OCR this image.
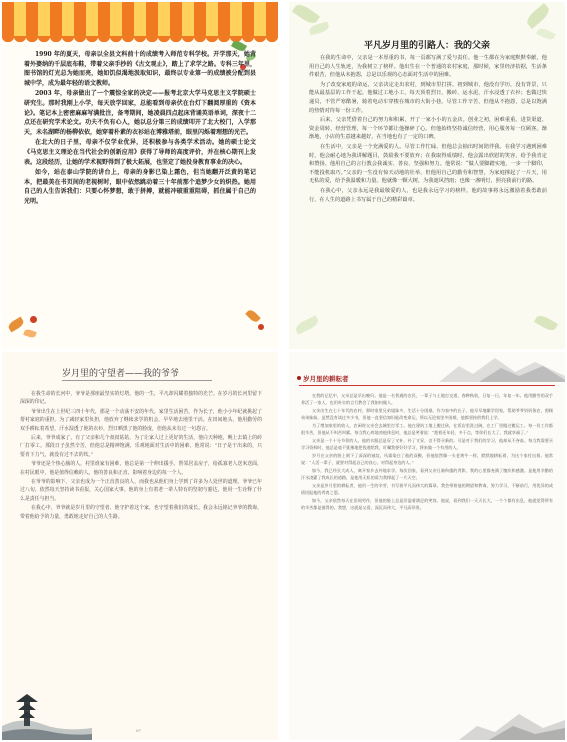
1990 年的夏天，母亲以全县文科前十的成绩考入师范专科学校。开学那天，她背着外婆纳的千层底布鞋，带着父亲手抄的《古文观止》，踏上了求学之路。专科三年里，图书馆的灯光总为她而亮，她如饥似渴地汲取知识，最终以专业第一的成绩被分配到县城中学，成为最年轻的语文教师。

2003 年，母亲做出了一个震惊全家的决定——报考北京大学马克思主义学院硕士研究生。那时我刚上小学，每天放学回家，总能看到母亲伏在台灯下翻阅厚重的《资本论》。笔记本上密密麻麻写满批注，备考期间，她凌晨四点起床背诵英语单词，深夜十二点还在研究学术论文。功夫不负有心人，她以总分第三的成绩叩开了北大校门，入学那天，未名湖畔的杨柳依依，她穿着朴素的衣衫站在博雅塔前，眼里闪烁着理想的光芒。

在北大的日子里，母亲不仅学业优异，还积极参与各类学术活动。她的硕士论文《马克思主义理论在当代社会的创新应用》获得了导师的高度评价，并在核心期刊上发表。这段经历，让她的学术视野得到了极大拓展，也坚定了她投身教育事业的决心。

如今，站在泰山学院的讲台上，母亲的身影已染上霜色，但当她翻开泛黄的笔记本，把最美在书页间的老视树时，眼中依然跳动着三十年前那个追梦少女的炽热。她用自己的人生告诉我们：只要心怀梦想，敢于拼搏，就能冲破重重阻碍，抓住属于自己的光明。

平凡岁月里的引路人：我的父亲

在我的生命中，父亲是一本厚重的书，每一页都写满了爱与责任。他一生都在为家庭默默奉献，他用自己的人生轨迹，为我树立了榜样。他出生在一个普通的农村家庭，那时候，家里经济拮据，生活条件艰苦，但他从未抱怨，总是以乐观的心态面对生活中的困难。

为了改变家庭的命运，父亲决定走出农村，到城市里打拼。初到城市，他没有学历，没有背景，只能从最基层的工作干起。他做过工地小工，每天顶着烈日，搬砖、运水泥，汗水浸透了衣衫；也做过快递员，不管严寒酷暑，骑着电动车穿梭在城市的大街小巷。尽管工作辛苦，但他从不抱怨，总是以饱满的热情对待每一份工作。

后来，父亲凭借着自己的努力和积累，开了一家小小的五金店。创业之初，困难重重。进货渠道、资金周转、经营管理，每一个环节都让他操碎了心。但他始终坚持诚信经营，用心服务每一位顾客。渐渐地，小店的生意越来越好，在当地也有了一定的口碑。

在生活中，父亲是一个充满爱的人。尽管工作忙碌，但他总会抽出时间陪伴我。在我学习遇到困难时，他会耐心地为我讲解题目，鼓励我不要放弃；在我取得成绩时，他会露出欣慰的笑容，给予我肯定和赞扬。他用自己的言行教会我诚实、善良、坚强和努力。他常说：“做人要脚踏实地，一步一个脚印，不能投机取巧。”父亲的一生没有惊天动地的壮举，但他用自己的勤劳和智慧，为家庭撑起了一片天，用无私的爱，给予我温暖和力量。他就像一颗大树，为我遮风挡雨；也像一盏明灯，照亮我前行的路。

在我心中，父亲永远是我最敬爱的人，也是我永远学习的榜样。他的故事将永远激励着我勇敢前行，在人生的道路上书写属于自己的精彩篇章。

岁月里的守望者——我的爷爷

在我生命的长河中，爷爷是那座最坚实的灯塔。他的一生，平凡却闪耀着独特的光芒。在岁月的长河里留下深深的印记。

爷爷出生在上世纪三四十年代，那是一个动荡不安的年代。家里生活困苦，作为长子，他小小年纪就挑起了帮衬家庭的重担。为了减轻家里负担，他放弃了继续求学的机会，早早地去地里干活。在田间地头，他用勤劳的双手耕耘着希望，汗水湿透了他的衣衫，烈日晒黑了他的脸庞，但他从未有过一句怨言。

后来，爷爷成家了，有了父亲和几个叔叔姑姑，为了让家人过上更好的生活，他白天种地，晚上去镇上的砖厂打零工。那段日子虽然辛苦，但他总是精神饱满，乐观地面对生活中的困难，他常说：“日子是干出来的，只要肯下力气，就没有过不去的坎。”

爷爷还是个热心肠的人，村里谁家有困难，他总是第一个伸出援手。帮邻居盖房子，给孤寡老人送米送面，在村民眼中，他是值得信赖的人。他的善良和正直，影响着身边的每一个人。

在爷爷的影响下，父亲也成为一个正直善良的人，而我也从他们身上学到了许多为人处世的道理。爷爷已年过八旬，依然每天坚持读书看报，关心国家大事。他的身上有着老一辈人特有的坚韧与豁达，他用一生诠释了什么是责任与担当。

在我心中，爷爷就是岁月里的守望者，他守护着这个家，也守望着我们的成长。我会永远铭记爷爷的教诲，带着他给予的力量，勇敢地走好自己的人生路。

07
岁月里的耕耘者

在我的记忆中，父亲总是早出晚归。他是一名普通的农民，一辈子与土地打交道，春种秋收，日复一日，年复一年。他用勤劳的双手养活了一家人，也用朴实的言行教会了我如何做人。

父亲出生在七十年代的农村，那时家里兄弟姐妹多，生活十分困难。作为家中的长子，他早早地辍学回家，帮助爷爷奶奶务农，照顾弟弟妹妹。虽然没有读过多少书，但他一直坚信知识能改变命运，所以无论家里多困难，他都坚持供我们上学。

为了增加家里的收入，农闲时父亲会去城里打零工。他在建筑工地上搬过砖，在饭店里洗过碗，在工厂里做过搬运工。每一份工作都很辛苦，但他从不叫苦叫累。每当我心疼地劝他休息时，他总是笑着说：“趁着还年轻，多干点，等你们长大了，我就享福了。”

父亲是一个十分节俭的人。他的衣服总是穿了又补，补了又穿，舍不得买新的。可是对于我们的学习，他却从不吝啬。每当我需要买学习资料时，他总是毫不犹豫地把钱递给我，叮嘱我要好好学习，将来做一个有用的人。

岁月在父亲的脸上刻下了深深的皱纹，风霜染白了他的双鬓，但他依然像一头老黄牛一样，默默地耕耘着，为这个家付出着。他常说：“人活一辈子，就要对得起自己的良心，对得起身边的人。”

如今，我已经长大成人，离开家乡去外地求学。每次回家，看到父亲日渐佝偻的背影，我的心里都充满了愧疚和感激。是他用辛勤的汗水浇灌了我成长的道路，是他用无私的爱为我撑起了一片天空。

父亲是岁月里的耕耘者，他用一生的辛劳，书写着平凡而伟大的篇章。我会带着他的期望和教诲，努力学习，不断前行，用优异的成绩回报他的养育之恩。

如今，父亲依然每天在田间劳作，但他的脸上总是洋溢着满足的笑容。他说，看到我们一天天长大，一个个都有出息，他就觉得所有的辛苦都是值得的。我想，这就是父爱，深沉而伟大，平凡而珍贵。
